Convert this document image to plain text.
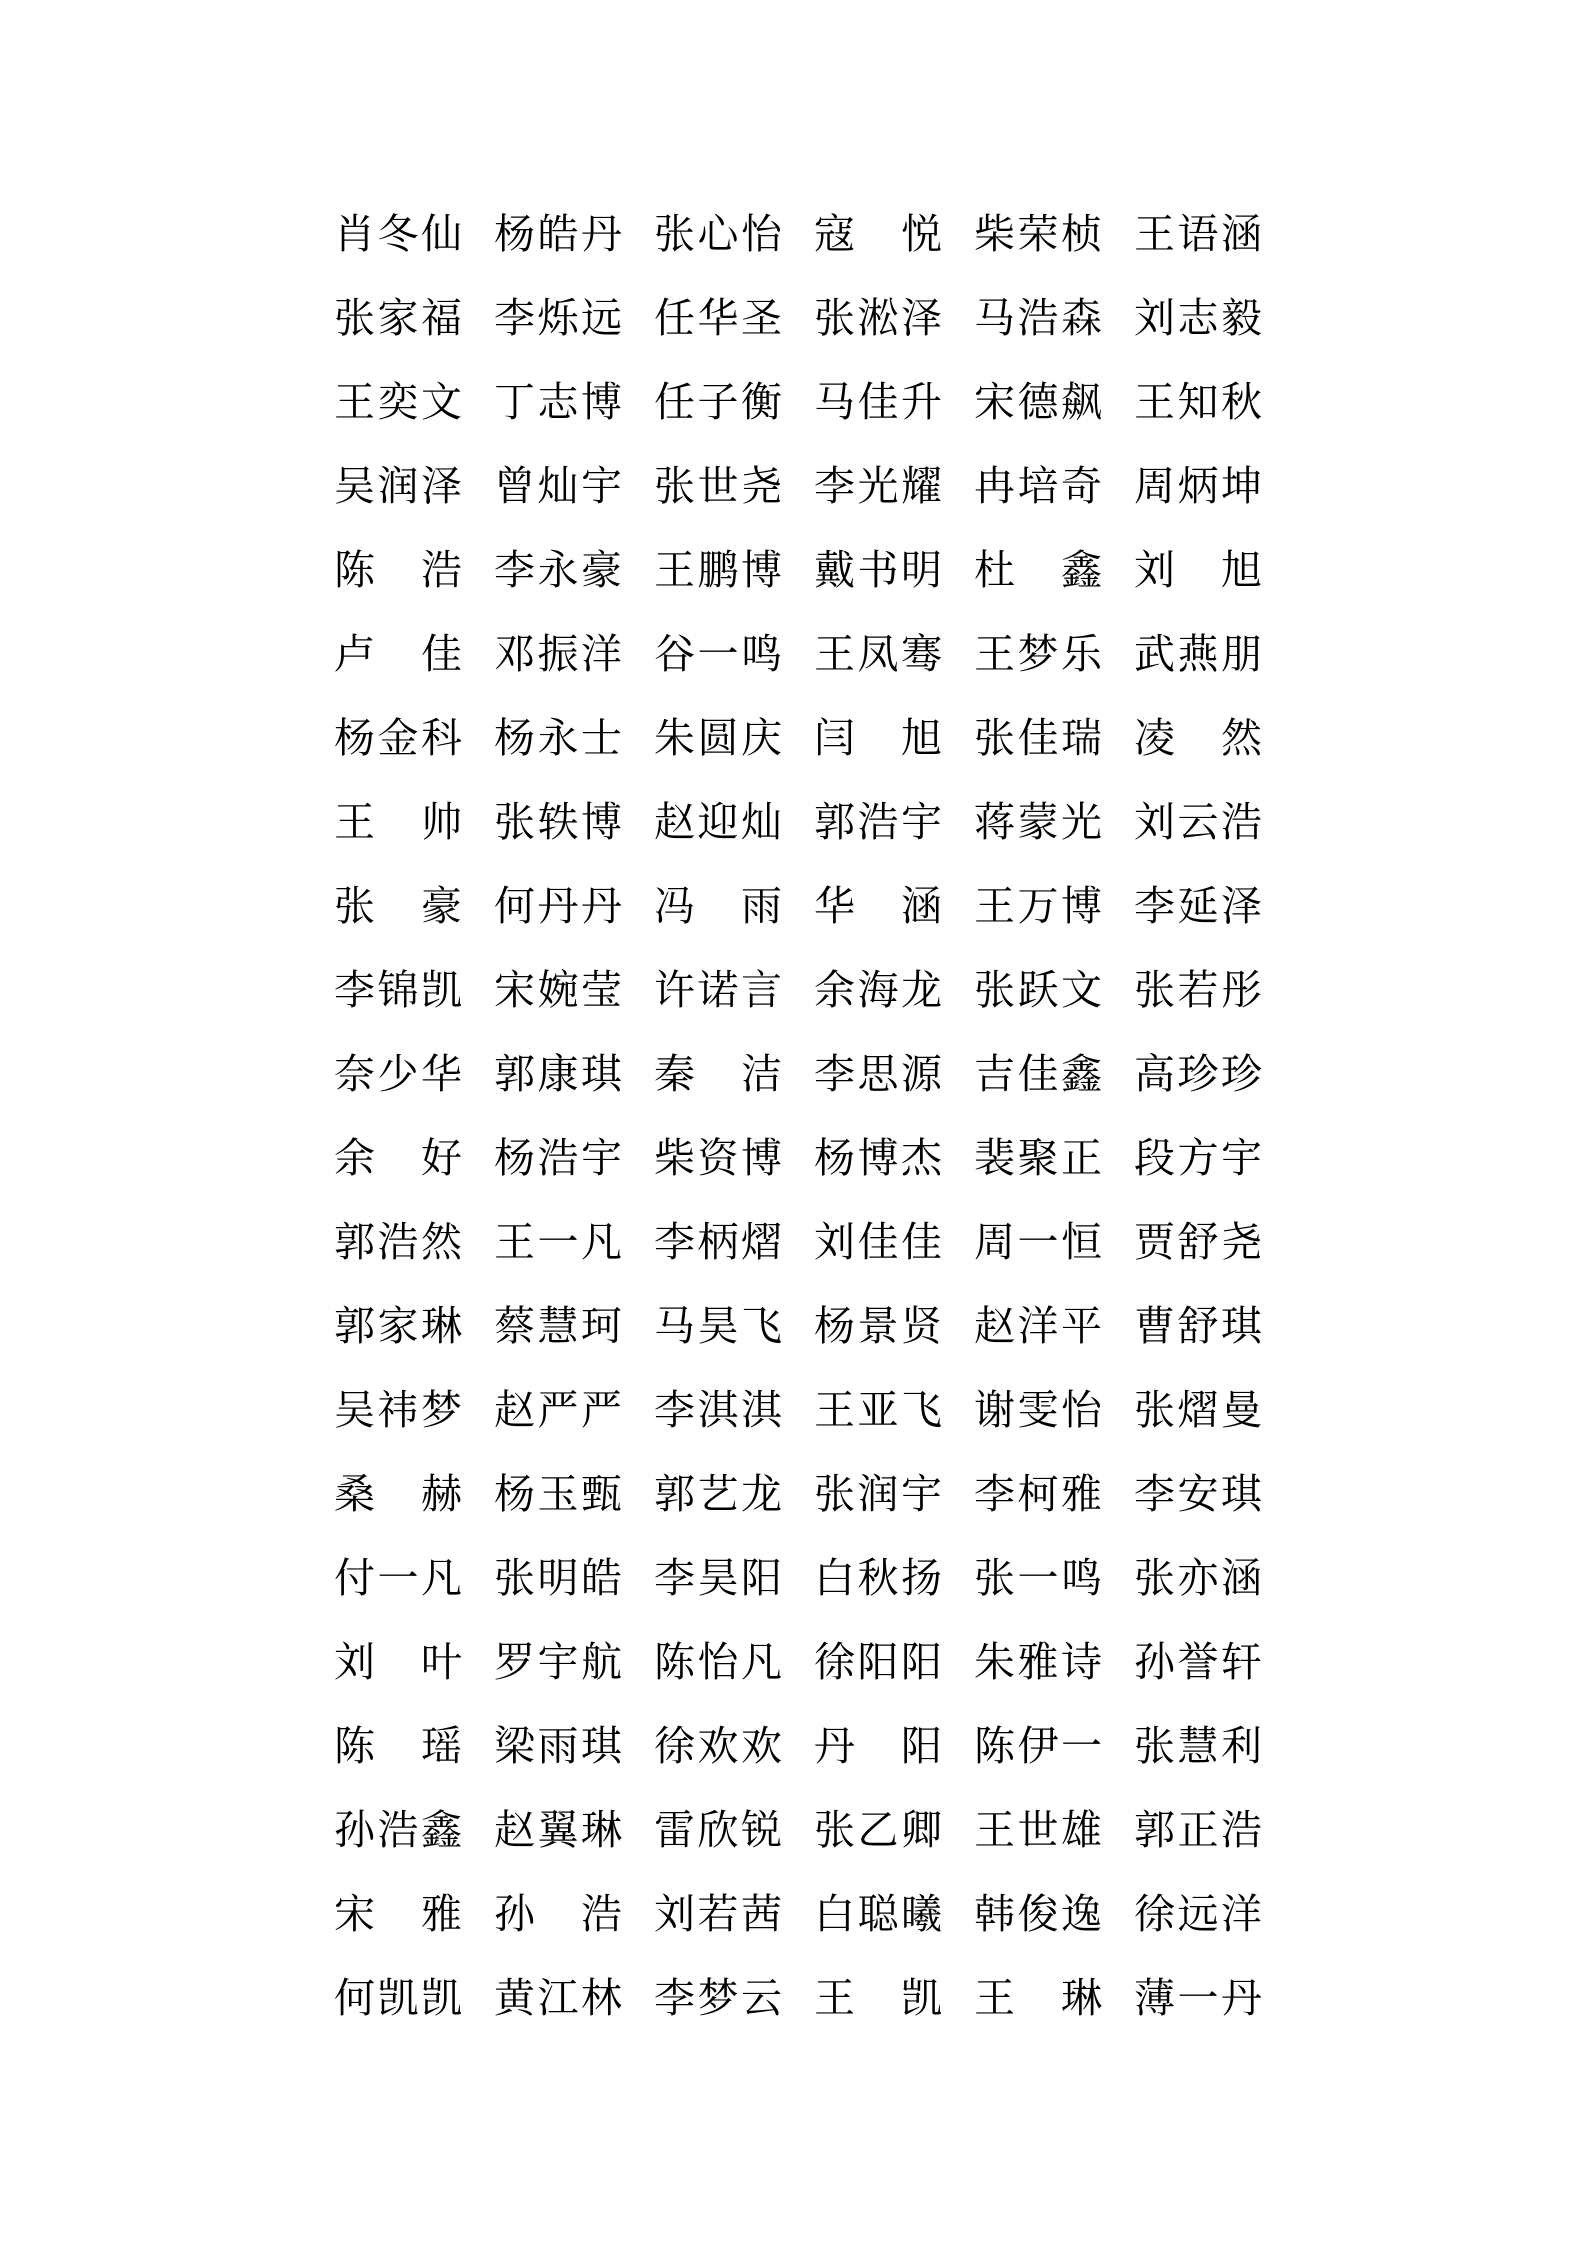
肖 冬 仙 杨 皓 丹 张 心 怡 寇
　 悦 柴 荣 桢 王 语 涵
张 家 福 李 烁 远 任 华 圣 张 淞 泽 马 浩 森 刘 志 毅
王 奕 文 丁 志 博 任 子 衡 马 佳 升 宋 德 飙 王 知 秋
吴 润 泽 曾 灿 宇 张 世 尧 李 光 耀 冉 培 奇 周 炳 坤
陈
　 浩 李 永 豪 王 鹏 博 戴 书 明 杜
　 鑫 刘
　 旭
卢
　 佳 邓 振 洋 谷 一 鸣 王 凤 骞 王 梦 乐 武 燕 朋
杨 金 科 杨 永 士 朱 圆 庆 闫
　 旭 张 佳 瑞 凌
　 然
王
　 帅 张 轶 博 赵 迎 灿 郭 浩 宇 蒋 蒙 光 刘 云 浩
张
　 豪 何 丹 丹 冯
　 雨 华
　 涵 王 万 博 李 延 泽
李 锦 凯 宋 婉 莹 许 诺 言 余 海 龙 张 跃 文 张 若 彤
奈 少 华 郭 康 琪 秦
　 洁 李 思 源 吉 佳 鑫 高 珍 珍
余
　 好 杨 浩 宇 柴 资 博 杨 博 杰 裴 聚 正 段 方 宇
郭 浩 然 王 一 凡 李 柄 熠 刘 佳 佳 周 一 恒 贾 舒 尧
郭 家 琳 蔡 慧 珂 马 昊 飞 杨 景 贤 赵 洋 平 曹 舒 琪
吴 祎 梦 赵 严 严 李 淇 淇 王 亚 飞 谢 雯 怡 张 熠 曼
桑
　 赫 杨 玉 甄 郭 艺 龙 张 润 宇 李 柯 雅 李 安 琪
付 一 凡 张 明 皓 李 昊 阳 白 秋 扬 张 一 鸣 张 亦 涵
刘
　 叶 罗 宇 航 陈 怡 凡 徐 阳 阳 朱 雅 诗 孙 誉 轩
陈
　 瑶 梁 雨 琪 徐 欢 欢 丹
　 阳 陈 伊 一 张 慧 利
孙 浩 鑫 赵 翼 琳 雷 欣 锐 张 乙 卿 王 世 雄 郭 正 浩
宋
　 雅 孙
　 浩 刘 若 茜 白 聪 曦 韩 俊 逸 徐 远 洋
何 凯 凯 黄 江 林 李 梦 云 王
　 凯 王
　 琳 薄 一 丹
